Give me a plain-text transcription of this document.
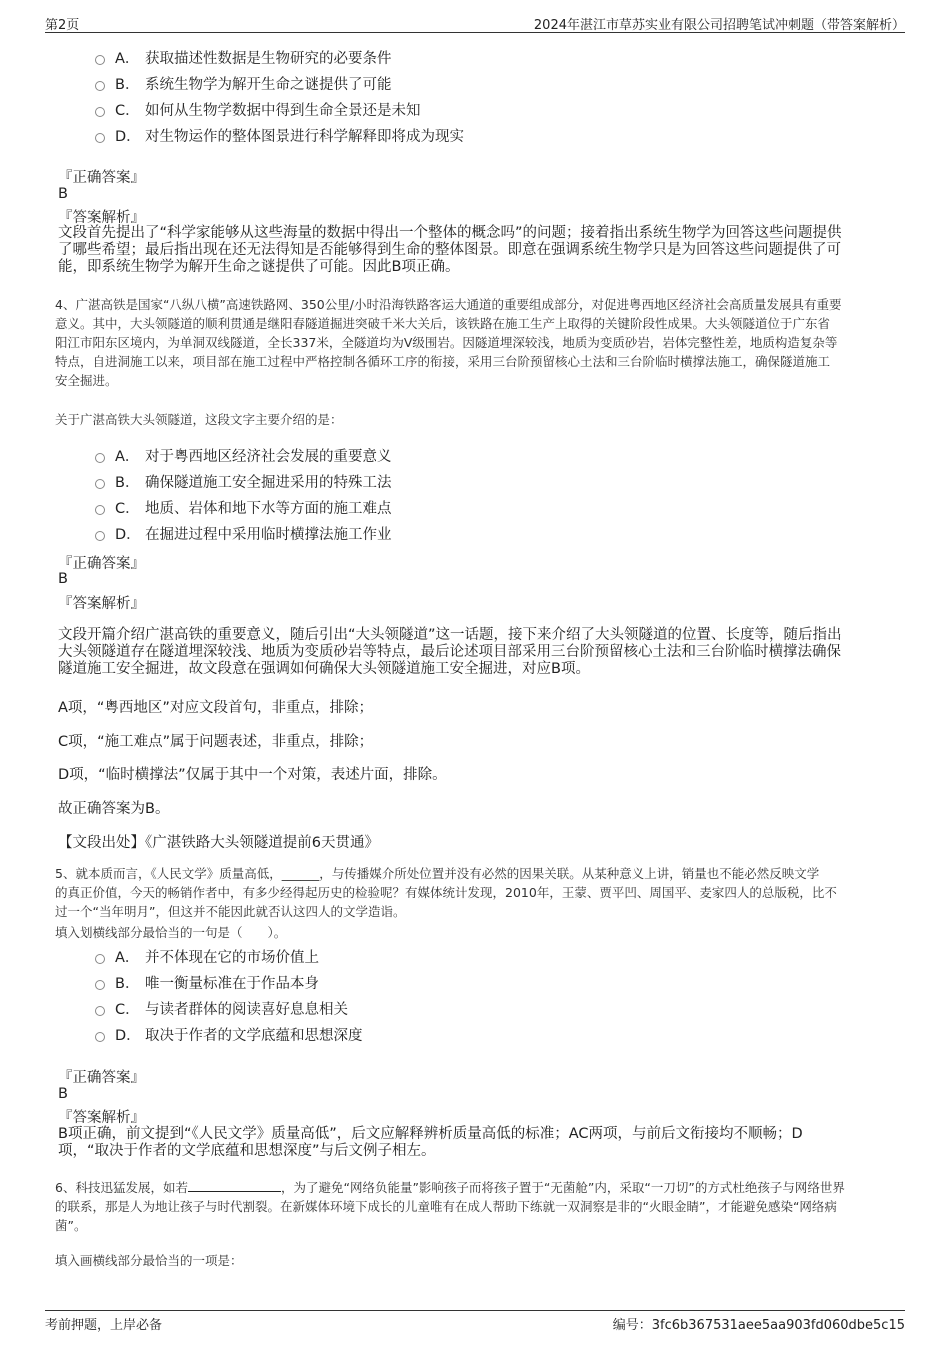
第2页	2024年湛江市草苏实业有限公司招聘笔试冲刺题（带答案解析）
A． 获取描述性数据是生物研究的必要条件
B． 系统生物学为解开生命之谜提供了可能
C． 如何从生物学数据中得到生命全景还是未知
D． 对生物运作的整体图景进行科学解释即将成为现实
『正确答案』
B
『答案解析』
文段首先提出了“科学家能够从这些海量的数据中得出一个整体的概念吗”的问题；接着指出系统生物学为回答这些问题提供
了哪些希望；最后指出现在还无法得知是否能够得到生命的整体图景。即意在强调系统生物学只是为回答这些问题提供了可
能，即系统生物学为解开生命之谜提供了可能。因此B项正确。
4、广湛高铁是国家“八纵八横”高速铁路网、350公里/小时沿海铁路客运大通道的重要组成部分，对促进粤西地区经济社会高质量发展具有重要
意义。其中，大头领隧道的顺利贯通是继阳春隧道掘进突破千米大关后，该铁路在施工生产上取得的关键阶段性成果。大头领隧道位于广东省
阳江市阳东区境内，为单洞双线隧道，全长337米，全隧道均为V级围岩。因隧道埋深较浅，地质为变质砂岩，岩体完整性差，地质构造复杂等
特点，自进洞施工以来，项目部在施工过程中严格控制各循环工序的衔接，采用三台阶预留核心土法和三台阶临时横撑法施工，确保隧道施工
安全掘进。
关于广湛高铁大头领隧道，这段文字主要介绍的是：
A． 对于粤西地区经济社会发展的重要意义
B． 确保隧道施工安全掘进采用的特殊工法
C． 地质、岩体和地下水等方面的施工难点
D． 在掘进过程中采用临时横撑法施工作业
『正确答案』
B
『答案解析』
文段开篇介绍广湛高铁的重要意义，随后引出“大头领隧道”这一话题，接下来介绍了大头领隧道的位置、长度等，随后指出
大头领隧道存在隧道埋深较浅、地质为变质砂岩等特点，最后论述项目部采用三台阶预留核心土法和三台阶临时横撑法确保
隧道施工安全掘进，故文段意在强调如何确保大头领隧道施工安全掘进，对应B项。
A项，“粤西地区”对应文段首句，非重点，排除；
C项，“施工难点”属于问题表述，非重点，排除；
D项，“临时横撑法”仅属于其中一个对策，表述片面，排除。
故正确答案为B。
【文段出处】《广湛铁路大头领隧道提前6天贯通》
5、就本质而言，《人民文学》质量高低，______，与传播媒介所处位置并没有必然的因果关联。从某种意义上讲，销量也不能必然反映文学
的真正价值，今天的畅销作者中，有多少经得起历史的检验呢？有媒体统计发现，2010年，王蒙、贾平凹、周国平、麦家四人的总版税，比不
过一个“当年明月”，但这并不能因此就否认这四人的文学造诣。
填入划横线部分最恰当的一句是（　　）。
A． 并不体现在它的市场价值上
B． 唯一衡量标准在于作品本身
C． 与读者群体的阅读喜好息息相关
D． 取决于作者的文学底蕴和思想深度
『正确答案』
B
『答案解析』
B项正确，前文提到“《人民文学》质量高低”，后文应解释辨析质量高低的标准；AC两项，与前后文衔接均不顺畅；D
项，“取决于作者的文学底蕴和思想深度”与后文例子相左。
6、科技迅猛发展，如若	，为了避免“网络负能量”影响孩子而将孩子置于“无菌舱”内，采取“一刀切”的方式杜绝孩子与网络世界
的联系，那是人为地让孩子与时代割裂。在新媒体环境下成长的儿童唯有在成人帮助下练就一双洞察是非的“火眼金睛”，才能避免感染“网络病
菌”。
填入画横线部分最恰当的一项是：
考前押题，上岸必备	编号：3fc6b367531aee5aa903fd060dbe5c15
